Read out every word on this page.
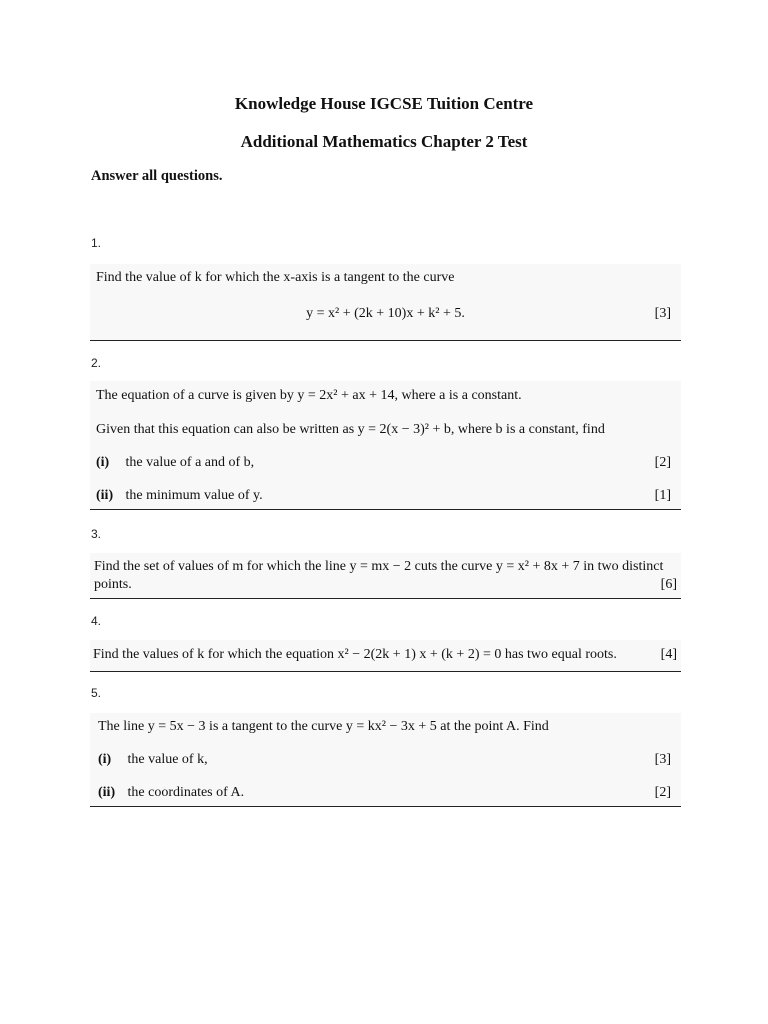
Knowledge House IGCSE Tuition Centre
Additional Mathematics Chapter 2 Test
Answer all questions.
1.
Find the value of k for which the x-axis is a tangent to the curve
y = x² + (2k + 10)x + k² + 5.	[3]
2.
The equation of a curve is given by y = 2x² + ax + 14, where a is a constant.
Given that this equation can also be written as y = 2(x − 3)² + b, where b is a constant, find
(i) the value of a and of b,	[2]
(ii) the minimum value of y.	[1]
3.
Find the set of values of m for which the line y = mx − 2 cuts the curve y = x² + 8x + 7 in two distinct
points.	[6]
4.
Find the values of k for which the equation x² − 2(2k + 1) x + (k + 2) = 0 has two equal roots.	[4]
5.
The line y = 5x − 3 is a tangent to the curve y = kx² − 3x + 5 at the point A. Find
(i) the value of k,	[3]
(ii) the coordinates of A.	[2]
